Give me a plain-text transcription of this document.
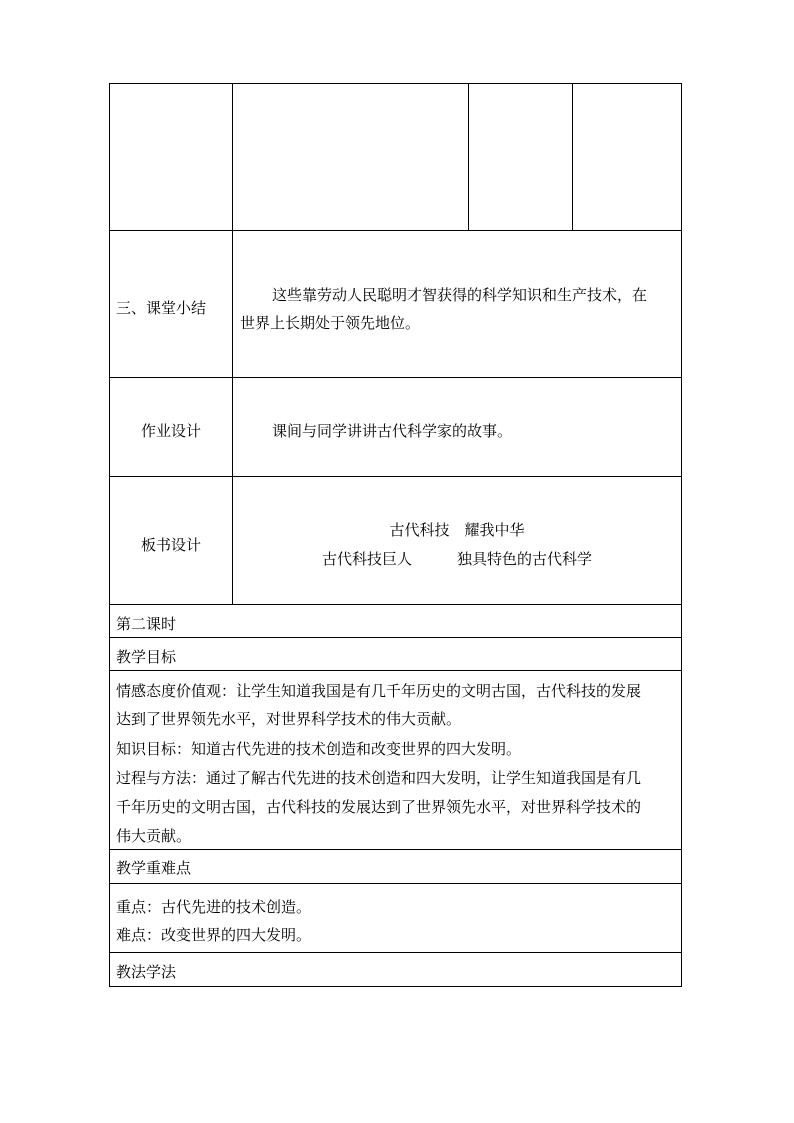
三、课堂小结
这些靠劳动人民聪明才智获得的科学知识和生产技术，在
世界上长期处于领先地位。
作业设计	课间与同学讲讲古代科学家的故事。
板书设计
古代科技　耀我中华
古代科技巨人　　　独具特色的古代科学
第二课时
教学目标
情感态度价值观：让学生知道我国是有几千年历史的文明古国，古代科技的发展
达到了世界领先水平，对世界科学技术的伟大贡献。
知识目标：知道古代先进的技术创造和改变世界的四大发明。
过程与方法：通过了解古代先进的技术创造和四大发明，让学生知道我国是有几
千年历史的文明古国，古代科技的发展达到了世界领先水平，对世界科学技术的
伟大贡献。
教学重难点
重点：古代先进的技术创造。
难点：改变世界的四大发明。
教法学法
